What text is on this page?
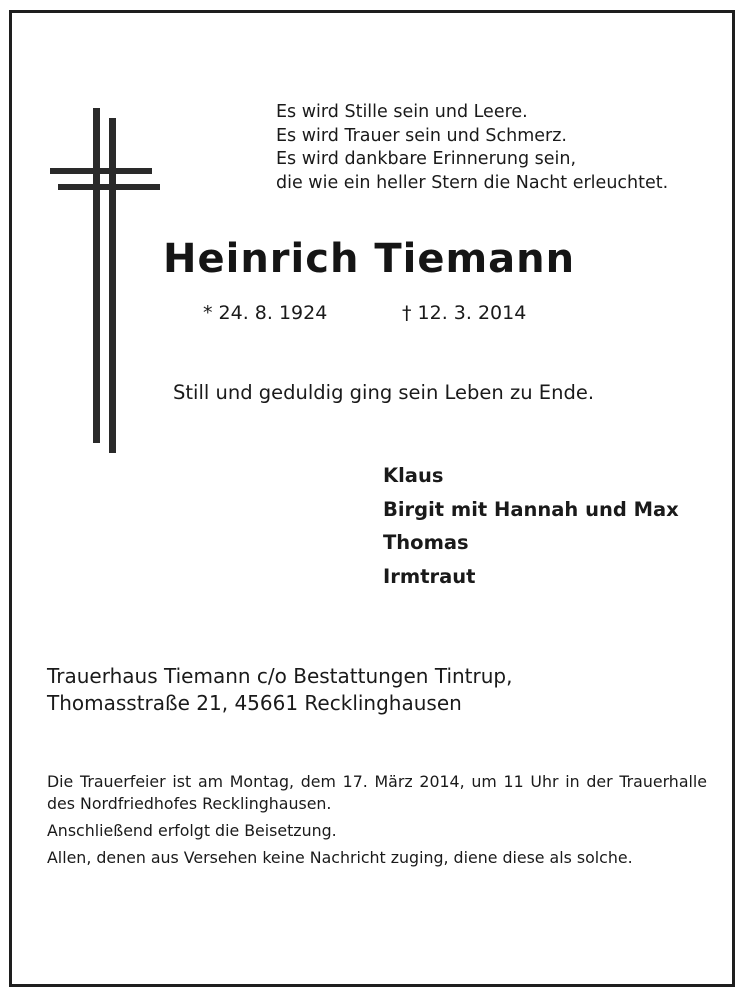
Es wird Stille sein und Leere.
Es wird Trauer sein und Schmerz.
Es wird dankbare Erinnerung sein,
die wie ein heller Stern die Nacht erleuchtet.
Heinrich Tiemann
* 24. 8. 1924	† 12. 3. 2014
Still und geduldig ging sein Leben zu Ende.
Klaus
Birgit mit Hannah und Max
Thomas
Irmtraut
Trauerhaus Tiemann c/o Bestattungen Tintrup,
Thomasstraße 21, 45661 Recklinghausen

Die Trauerfeier ist am Montag, dem 17. März 2014, um 11 Uhr in der Trauerhalle des Nordfriedhofes Recklinghausen.

Anschließend erfolgt die Beisetzung.

Allen, denen aus Versehen keine Nachricht zuging, diene diese als solche.
